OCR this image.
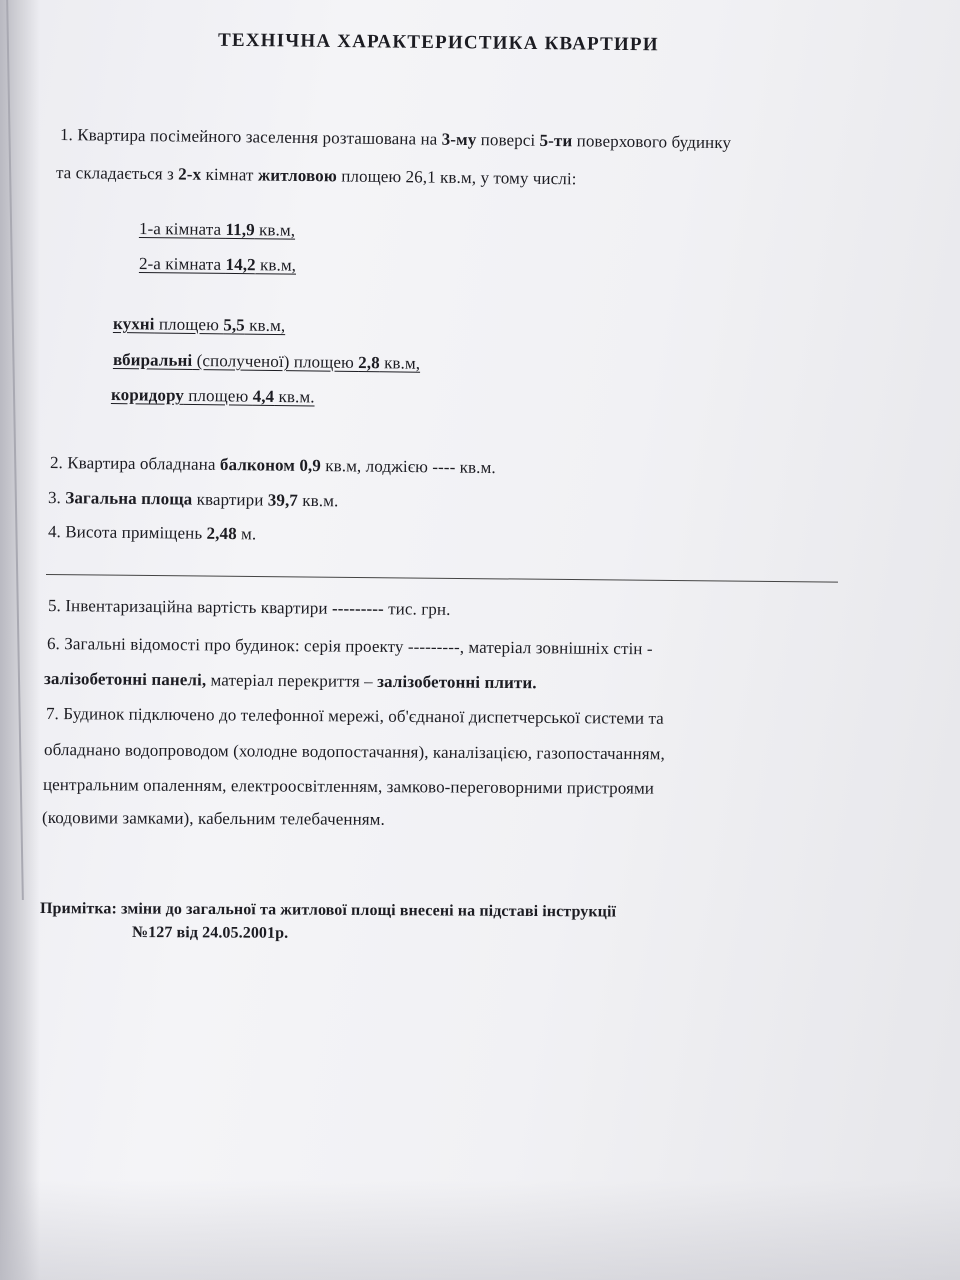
ТЕХНІЧНА ХАРАКТЕРИСТИКА КВАРТИРИ
1. Квартира посімейного заселення розташована на 3-му поверсі 5-ти поверхового будинку
та складається з 2-х кімнат житловою площею 26,1 кв.м, у тому числі:
1-а кімната 11,9 кв.м,
2-а кімната 14,2 кв.м,
кухні площею 5,5 кв.м,
вбиральні (сполученої) площею 2,8 кв.м,
коридору площею 4,4 кв.м.
2. Квартира обладнана балконом 0,9 кв.м, лоджією ---- кв.м.
3. Загальна площа квартири 39,7 кв.м.
4. Висота приміщень 2,48 м.
5. Інвентаризаційна вартість квартири --------- тис. грн.
6. Загальні відомості про будинок: серія проекту ---------, матеріал зовнішніх стін -
залізобетонні панелі, матеріал перекриття – залізобетонні плити.
7. Будинок підключено до телефонної мережі, об'єднаної диспетчерської системи та
обладнано водопроводом (холодне водопостачання), каналізацією, газопостачанням,
центральним опаленням, електроосвітленням, замково-переговорними пристроями
(кодовими замками), кабельним телебаченням.
Примітка: зміни до загальної та житлової площі внесені на підставі інструкції
№127 від 24.05.2001р.
